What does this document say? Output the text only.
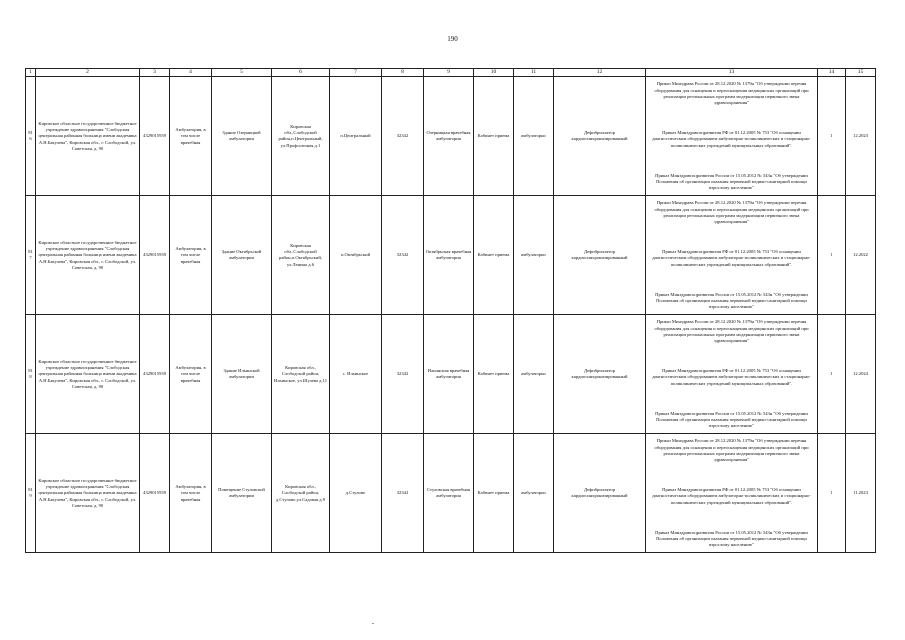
190
1	2	3	4	5	6	7	8	9	10	11	12	13	14	15
816	Кировское областное государственное бюджетное учреждение здравоохранения "Слободская центральная районная больница имени академика А.Н.Бакулева", Кировская обл., г. Слободской, ул. Советская, д. 90	4329015939	Амбулатория, в том числе врачебная	Здание Озерницкой амбулатории	Кировская обл.,Слободской район,п.Центральный, ул.Профсоюзная д.1	п.Центральный	32342	Озерницкая врачебная амбулатория	Кабинет приема	амбулаторно	Дефибриллятор кардиосинхронизированный	Приказ Минздрава России от 28.12.2020 № 1379н "Об утверждении перечня оборудования для оснащения и переоснащения медицинских организаций при реализации региональных программ модернизации первичного звена здравоохранения"
Приказ Минздравсоцразвития РФ от 01.12.2005 № 753 "Об оснащении диагностическим оборудованием амбулаторно-поликлинических и стационарно-поликлинических учреждений муниципальных образований".
Приказ Минздравсоцразвития России от 15.05.2012 № 543н "Об утверждении Положения об организации оказания первичной медико-санитарной помощи взрослому населению"	1	12.2023
817	Кировское областное государственное бюджетное учреждение здравоохранения "Слободская центральная районная больница имени академика А.Н.Бакулева", Кировская обл., г. Слободской, ул. Советская, д. 90	4329015939	Амбулатория, в том числе врачебная	Здание Октябрьской амбулатории	Кировская обл.,Слободской район,п.Октябрьский, ул.Ленина д.6	п.Октябрьский	32342	Октябрьская врачебная амбулатория	Кабинет приема	амбулаторно	Дефибриллятор кардиосинхронизированный	Приказ Минздрава России от 28.12.2020 № 1379н "Об утверждении перечня оборудования для оснащения и переоснащения медицинских организаций при реализации региональных программ модернизации первичного звена здравоохранения"
Приказ Минздравсоцразвития РФ от 01.12.2005 № 753 "Об оснащении диагностическим оборудованием амбулаторно-поликлинических и стационарно-поликлинических учреждений муниципальных образований".
Приказ Минздравсоцразвития России от 15.05.2012 № 543н "Об утверждении Положения об организации оказания первичной медико-санитарной помощи взрослому населению"	1	12.2022
818	Кировское областное государственное бюджетное учреждение здравоохранения "Слободская центральная районная больница имени академика А.Н.Бакулева", Кировская обл., г. Слободской, ул. Советская, д. 90	4329015939	Амбулатория, в том числе врачебная	Здание Ильинской амбулатории	Кировская обл., Слободской район, Ильинское, ул.Шулева д.11	с. Ильинское	32342	Ильинская врачебная амбулатория	Кабинет приема	амбулаторно	Дефибриллятор кардиосинхронизированный	Приказ Минздрава России от 28.12.2020 № 1379н "Об утверждении перечня оборудования для оснащения и переоснащения медицинских организаций при реализации региональных программ модернизации первичного звена здравоохранения"
Приказ Минздравсоцразвития РФ от 01.12.2005 № 753 "Об оснащении диагностическим оборудованием амбулаторно-поликлинических и стационарно-поликлинических учреждений муниципальных образований".
Приказ Минздравсоцразвития России от 15.05.2012 № 543н "Об утверждении Положения об организации оказания первичной медико-санитарной помощи взрослому населению"	1	12.2024
819	Кировское областное государственное бюджетное учреждение здравоохранения "Слободская центральная районная больница имени академика А.Н.Бакулева", Кировская обл., г. Слободской, ул. Советская, д. 90	4329015939	Амбулатория, в том числе врачебная	Помещение Стуловской амбулатории	Кировская обл., Слободской район, д.Стулово,ул.Садовая д.9	д.Стулово	32342	Стуловская врачебная амбулатория	Кабинет приема	амбулаторно	Дефибриллятор кардиосинхронизированный	Приказ Минздрава России от 28.12.2020 № 1379н "Об утверждении перечня оборудования для оснащения и переоснащения медицинских организаций при реализации региональных программ модернизации первичного звена здравоохранения"
Приказ Минздравсоцразвития РФ от 01.12.2005 № 753 "Об оснащении диагностическим оборудованием амбулаторно-поликлинических и стационарно-поликлинических учреждений муниципальных образований".
Приказ Минздравсоцразвития России от 15.05.2012 № 543н "Об утверждении Положения об организации оказания первичной медико-санитарной помощи взрослому населению"	1	11.2023
